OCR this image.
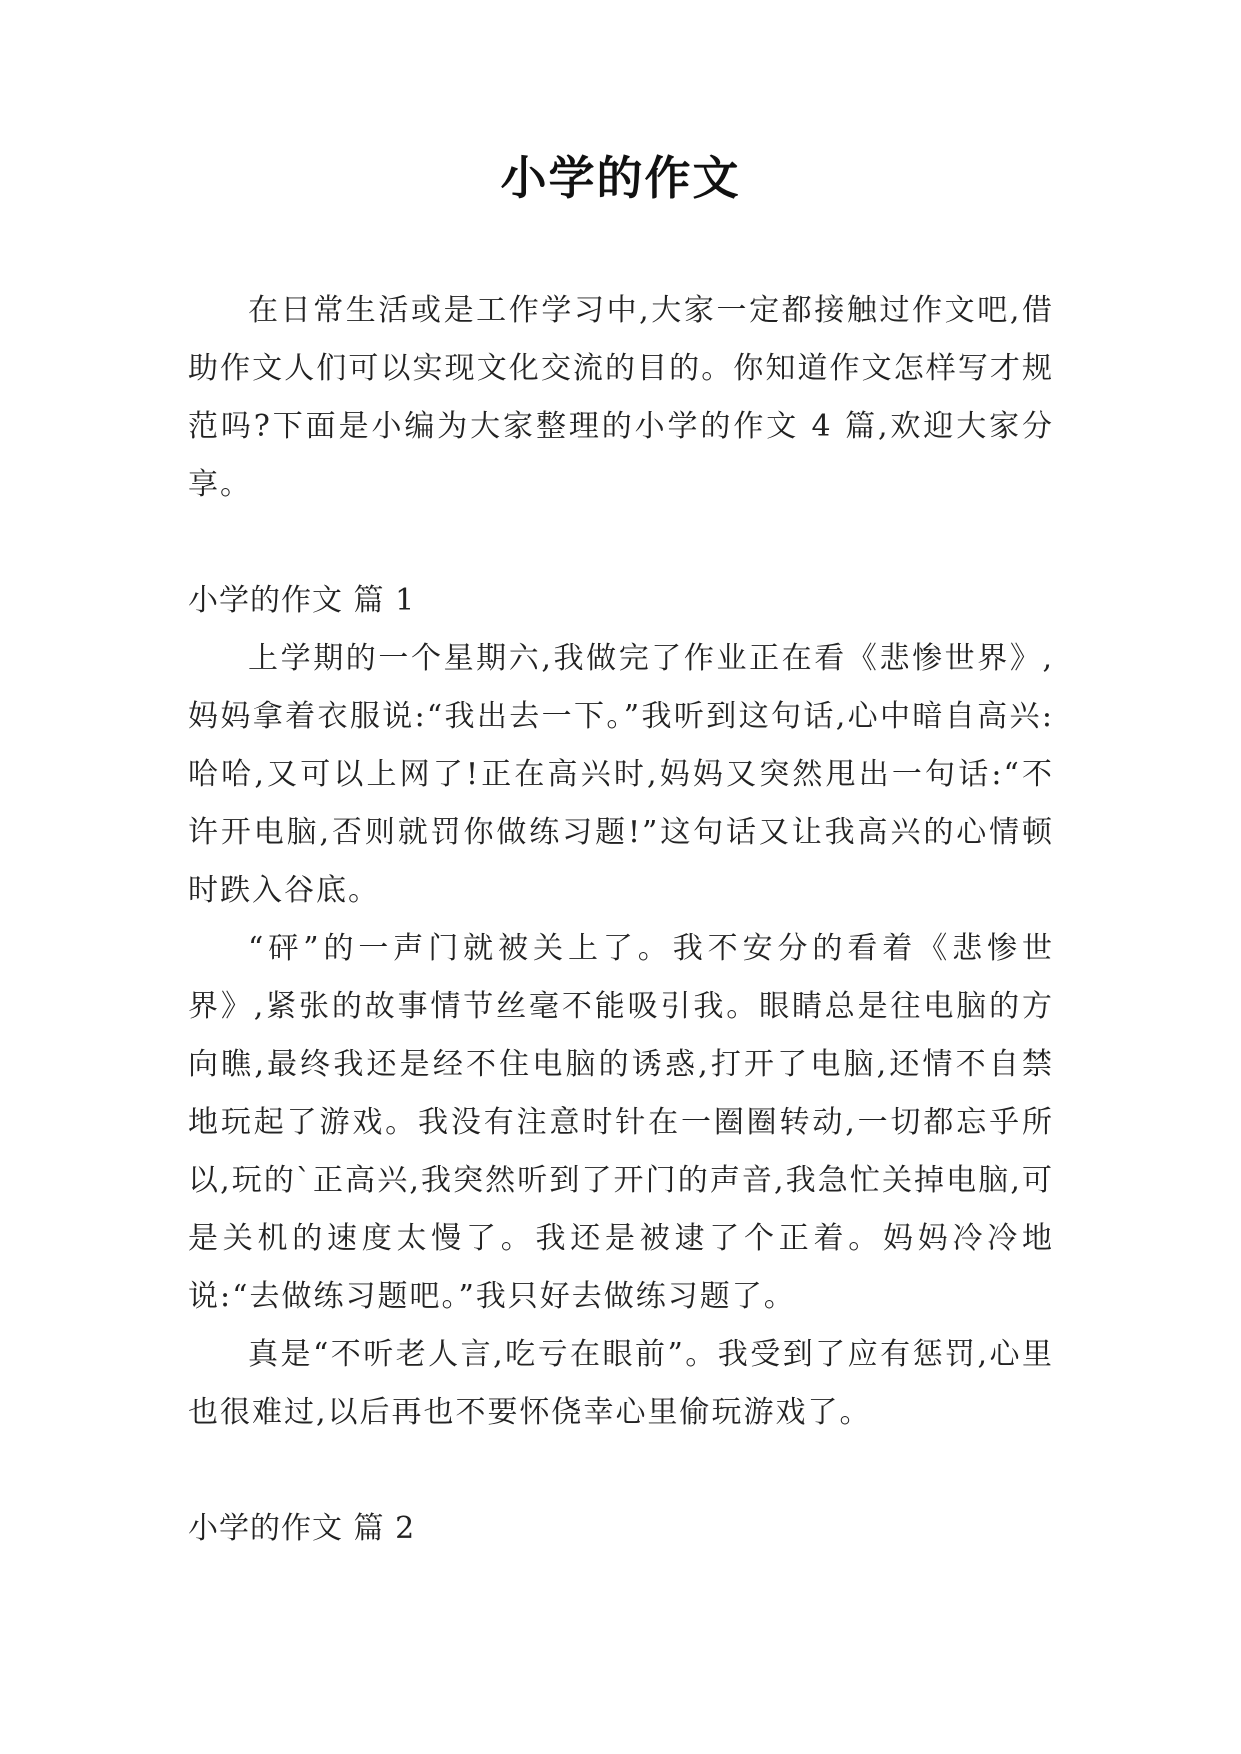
小学的作文

在日常生活或是工作学习中,大家一定都接触过作文吧,借助作文人们可以实现文化交流的目的。你知道作文怎样写才规范吗?下面是小编为大家整理的小学的作文 4 篇,欢迎大家分享。

小学的作文 篇 1

上学期的一个星期六,我做完了作业正在看《悲惨世界》,妈妈拿着衣服说:“我出去一下。”我听到这句话,心中暗自高兴:哈哈,又可以上网了!正在高兴时,妈妈又突然甩出一句话:“不许开电脑,否则就罚你做练习题!”这句话又让我高兴的心情顿时跌入谷底。

“砰”的一声门就被关上了。我不安分的看着《悲惨世界》,紧张的故事情节丝毫不能吸引我。眼睛总是往电脑的方向瞧,最终我还是经不住电脑的诱惑,打开了电脑,还情不自禁地玩起了游戏。我没有注意时针在一圈圈转动,一切都忘乎所以,玩的`正高兴,我突然听到了开门的声音,我急忙关掉电脑,可是关机的速度太慢了。我还是被逮了个正着。妈妈冷冷地说:“去做练习题吧。”我只好去做练习题了。

真是“不听老人言,吃亏在眼前”。我受到了应有惩罚,心里也很难过,以后再也不要怀侥幸心里偷玩游戏了。

小学的作文 篇 2
